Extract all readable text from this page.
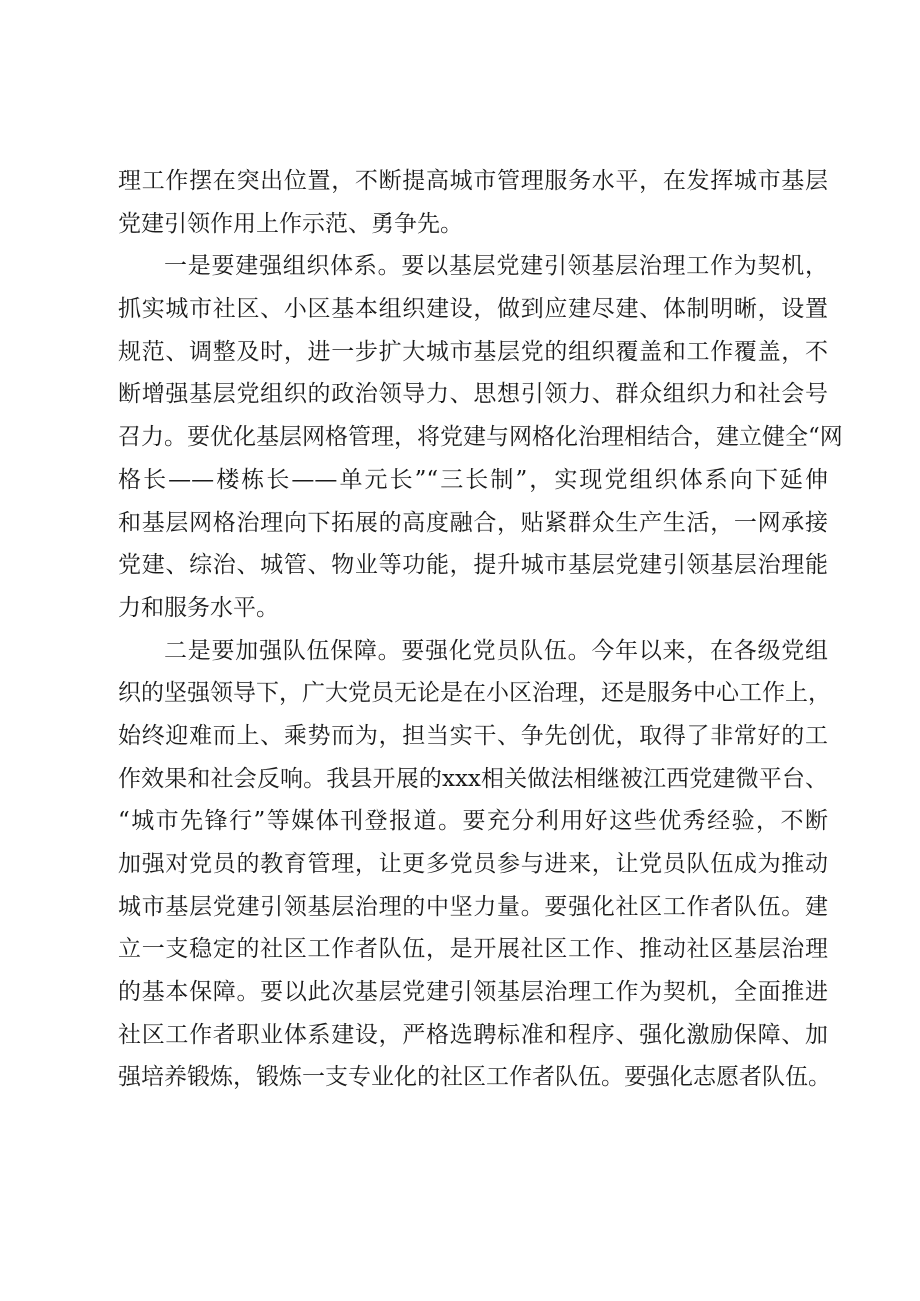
理工作摆在突出位置，不断提高城市管理服务水平，在发挥城市基层
党建引领作用上作示范、勇争先。
一是要建强组织体系。要以基层党建引领基层治理工作为契机，
抓实城市社区、小区基本组织建设，做到应建尽建、体制明晰，设置
规范、调整及时，进一步扩大城市基层党的组织覆盖和工作覆盖，不
断增强基层党组织的政治领导力、思想引领力、群众组织力和社会号
召力。要优化基层网格管理，将党建与网格化治理相结合，建立健全“网
格长——楼栋长——单元长”“三长制”，实现党组织体系向下延伸
和基层网格治理向下拓展的高度融合，贴紧群众生产生活，一网承接
党建、综治、城管、物业等功能，提升城市基层党建引领基层治理能
力和服务水平。
二是要加强队伍保障。要强化党员队伍。今年以来，在各级党组
织的坚强领导下，广大党员无论是在小区治理，还是服务中心工作上，
始终迎难而上、乘势而为，担当实干、争先创优，取得了非常好的工
作效果和社会反响。我县开展的xxx相关做法相继被江西党建微平台、
“城市先锋行”等媒体刊登报道。要充分利用好这些优秀经验，不断
加强对党员的教育管理，让更多党员参与进来，让党员队伍成为推动
城市基层党建引领基层治理的中坚力量。要强化社区工作者队伍。建
立一支稳定的社区工作者队伍，是开展社区工作、推动社区基层治理
的基本保障。要以此次基层党建引领基层治理工作为契机，全面推进
社区工作者职业体系建设，严格选聘标准和程序、强化激励保障、加
强培养锻炼，锻炼一支专业化的社区工作者队伍。要强化志愿者队伍。
